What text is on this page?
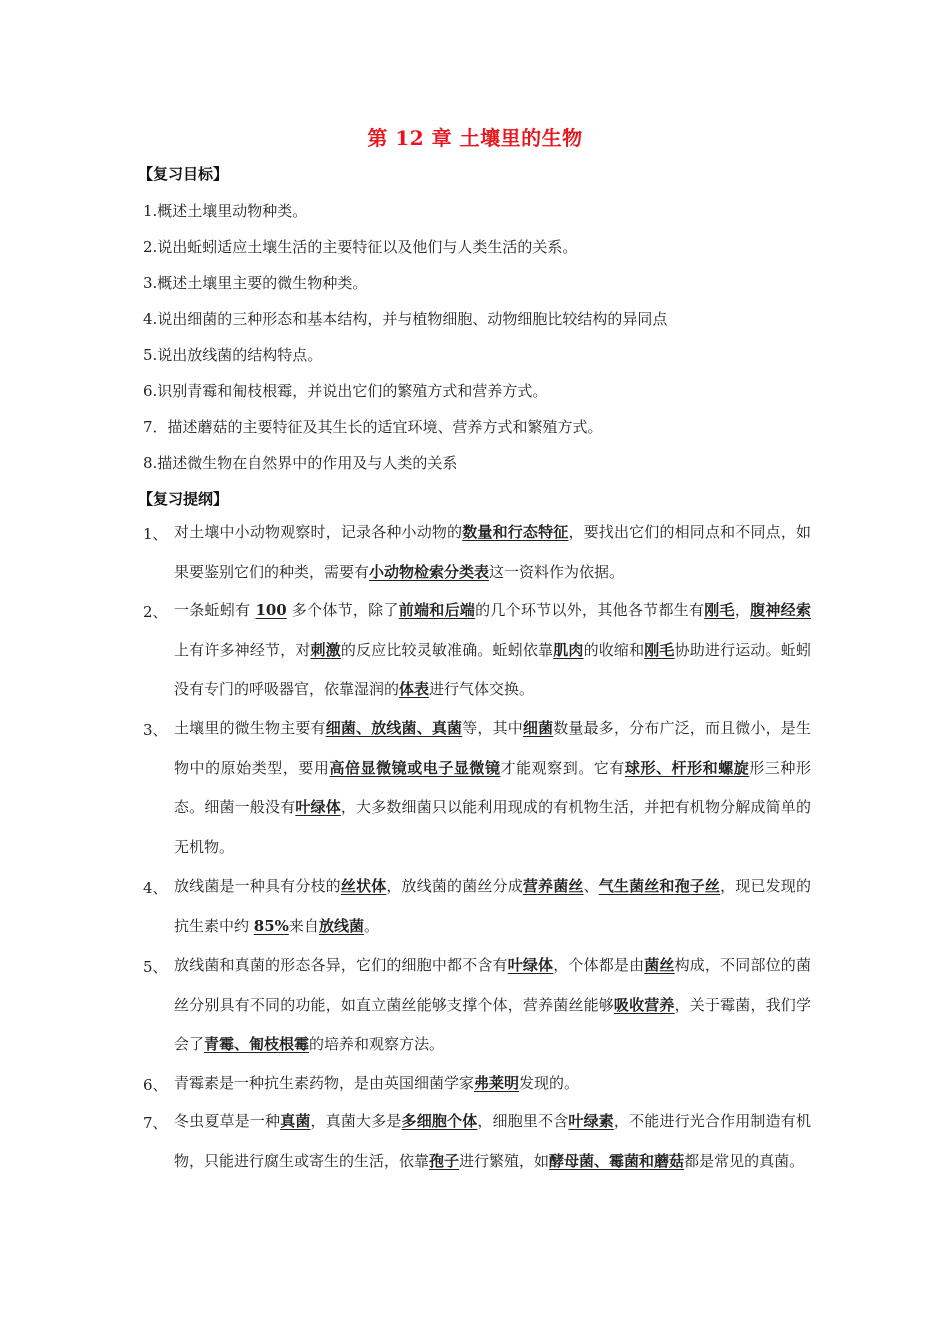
第 12 章 土壤里的生物
【复习目标】
1.概述土壤里动物种类。
2.说出蚯蚓适应土壤生活的主要特征以及他们与人类生活的关系。
3.概述土壤里主要的微生物种类。
4.说出细菌的三种形态和基本结构，并与植物细胞、动物细胞比较结构的异同点
5.说出放线菌的结构特点。
6.识别青霉和匍枝根霉，并说出它们的繁殖方式和营养方式。
7．描述蘑菇的主要特征及其生长的适宜环境、营养方式和繁殖方式。
8.描述微生物在自然界中的作用及与人类的关系
【复习提纲】
1、 对土壤中小动物观察时，记录各种小动物的数量和行态特征，要找出它们的相同点和不同点，如果要鉴别它们的种类，需要有小动物检索分类表这一资料作为依据。
2、 一条蚯蚓有 100 多个体节，除了前端和后端的几个环节以外，其他各节都生有刚毛，腹神经索上有许多神经节，对刺激的反应比较灵敏准确。蚯蚓依靠肌肉的收缩和刚毛协助进行运动。蚯蚓没有专门的呼吸器官，依靠湿润的体表进行气体交换。
3、 土壤里的微生物主要有细菌、放线菌、真菌等，其中细菌数量最多，分布广泛，而且微小，是生物中的原始类型，要用高倍显微镜或电子显微镜才能观察到。它有球形、杆形和螺旋形三种形态。细菌一般没有叶绿体，大多数细菌只以能利用现成的有机物生活，并把有机物分解成简单的无机物。
4、 放线菌是一种具有分枝的丝状体，放线菌的菌丝分成营养菌丝、气生菌丝和孢子丝，现已发现的抗生素中约 85%来自放线菌。
5、 放线菌和真菌的形态各异，它们的细胞中都不含有叶绿体，个体都是由菌丝构成，不同部位的菌丝分别具有不同的功能，如直立菌丝能够支撑个体，营养菌丝能够吸收营养，关于霉菌，我们学会了青霉、匍枝根霉的培养和观察方法。
6、 青霉素是一种抗生素药物，是由英国细菌学家弗莱明发现的。
7、 冬虫夏草是一种真菌，真菌大多是多细胞个体，细胞里不含叶绿素，不能进行光合作用制造有机物，只能进行腐生或寄生的生活，依靠孢子进行繁殖，如酵母菌、霉菌和蘑菇都是常见的真菌。
